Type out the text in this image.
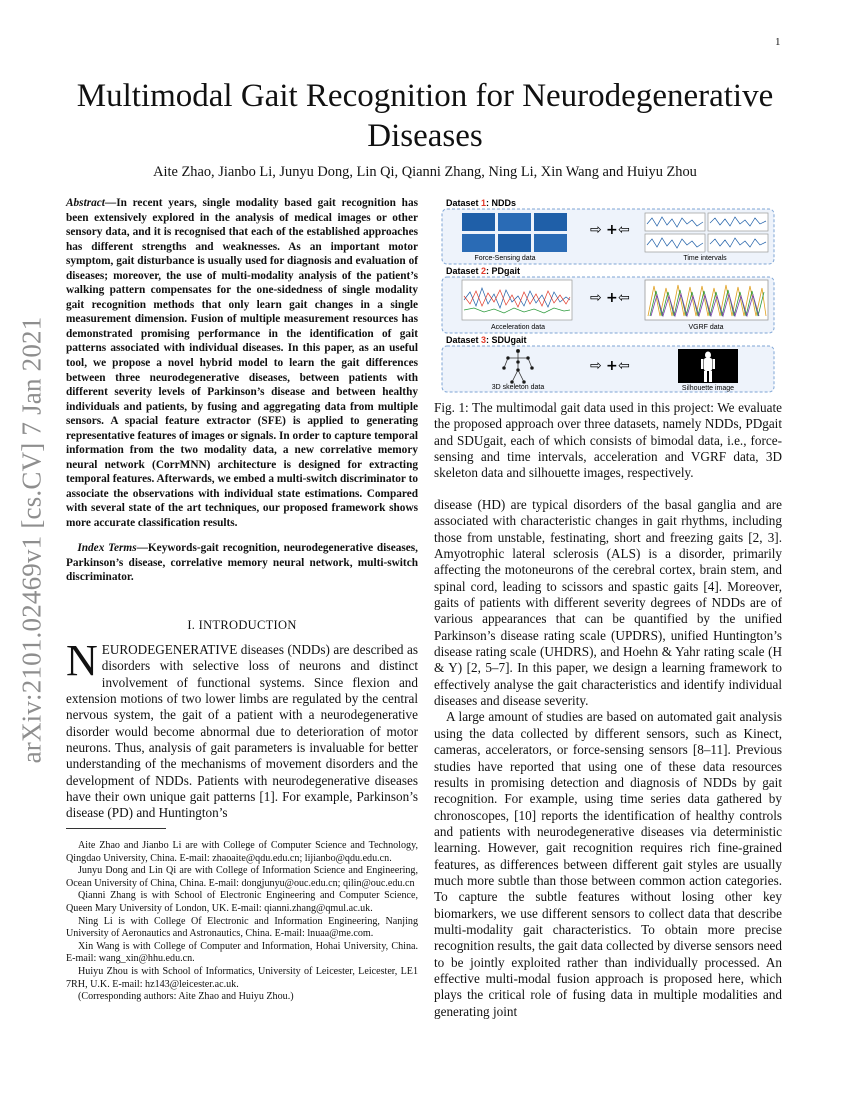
1
arXiv:2101.02469v1 [cs.CV] 7 Jan 2021
Multimodal Gait Recognition for Neurodegenerative Diseases
Aite Zhao, Jianbo Li, Junyu Dong, Lin Qi, Qianni Zhang, Ning Li, Xin Wang and Huiyu Zhou
Abstract—In recent years, single modality based gait recognition has been extensively explored in the analysis of medical images or other sensory data, and it is recognised that each of the established approaches has different strengths and weaknesses. As an important motor symptom, gait disturbance is usually used for diagnosis and evaluation of diseases; moreover, the use of multi-modality analysis of the patient’s walking pattern compensates for the one-sidedness of single modality gait recognition methods that only learn gait changes in a single measurement dimension. Fusion of multiple measurement resources has demonstrated promising performance in the identification of gait patterns associated with individual diseases. In this paper, as an useful tool, we propose a novel hybrid model to learn the gait differences between three neurodegenerative diseases, between patients with different severity levels of Parkinson’s disease and between healthy individuals and patients, by fusing and aggregating data from multiple sensors. A spacial feature extractor (SFE) is applied to generating representative features of images or signals. In order to capture temporal information from the two modality data, a new correlative memory neural network (CorrMNN) architecture is designed for extracting temporal features. Afterwards, we embed a multi-switch discriminator to associate the observations with individual state estimations. Compared with several state of the art techniques, our proposed framework shows more accurate classification results.
Index Terms—Keywords-gait recognition, neurodegenerative diseases, Parkinson’s disease, correlative memory neural network, multi-switch discriminator.
I. INTRODUCTION
NEURODEGENERATIVE diseases (NDDs) are described as disorders with selective loss of neurons and distinct involvement of functional systems. Since flexion and extension motions of two lower limbs are regulated by the central nervous system, the gait of a patient with a neurodegenerative disorder would become abnormal due to deterioration of motor neurons. Thus, analysis of gait parameters is invaluable for better understanding of the mechanisms of movement disorders and the development of NDDs. Patients with neurodegenerative diseases have their own unique gait patterns [1]. For example, Parkinson’s disease (PD) and Huntington’s

Aite Zhao and Jianbo Li are with College of Computer Science and Technology, Qingdao University, China. E-mail: zhaoaite@qdu.edu.cn; lijianbo@qdu.edu.cn.

Junyu Dong and Lin Qi are with College of Information Science and Engineering, Ocean University of China, China. E-mail: dongjunyu@ouc.edu.cn; qilin@ouc.edu.cn

Qianni Zhang is with School of Electronic Engineering and Computer Science, Queen Mary University of London, UK. E-mail: qianni.zhang@qmul.ac.uk.

Ning Li is with College Of Electronic and Information Engineering, Nanjing University of Aeronautics and Astronautics, China. E-mail: lnuaa@me.com.

Xin Wang is with College of Computer and Information, Hohai University, China. E-mail: wang_xin@hhu.edu.cn.

Huiyu Zhou is with School of Informatics, University of Leicester, Leicester, LE1 7RH, U.K. E-mail: hz143@leicester.ac.uk.

(Corresponding authors: Aite Zhao and Huiyu Zhou.)

Dataset 1: NDDs
Force-Sensing data
⇨ + ⇦
Time intervals
Dataset 2: PDgait
Acceleration data
⇨ + ⇦
VGRF data
Dataset 3: SDUgait
3D skeleton data
⇨ + ⇦
Silhouette image
Fig. 1: The multimodal gait data used in this project: We evaluate the proposed approach over three datasets, namely NDDs, PDgait and SDUgait, each of which consists of bimodal data, i.e., force-sensing and time intervals, acceleration and VGRF data, 3D skeleton data and silhouette images, respectively.

disease (HD) are typical disorders of the basal ganglia and are associated with characteristic changes in gait rhythms, including those from unstable, festinating, short and freezing gaits [2, 3]. Amyotrophic lateral sclerosis (ALS) is a disorder, primarily affecting the motoneurons of the cerebral cortex, brain stem, and spinal cord, leading to scissors and spastic gaits [4]. Moreover, gaits of patients with different severity degrees of NDDs are of various appearances that can be quantified by the unified Parkinson’s disease rating scale (UPDRS), unified Huntington’s disease rating scale (UHDRS), and Hoehn & Yahr rating scale (H & Y) [2, 5–7]. In this paper, we design a learning framework to effectively analyse the gait characteristics and identify individual diseases and disease severity.

A large amount of studies are based on automated gait analysis using the data collected by different sensors, such as Kinect, cameras, accelerators, or force-sensing sensors [8–11]. Previous studies have reported that using one of these data resources results in promising detection and diagnosis of NDDs by gait recognition. For example, using time series data gathered by chronoscopes, [10] reports the identification of healthy controls and patients with neurodegenerative diseases via deterministic learning. However, gait recognition requires rich fine-grained features, as differences between different gait styles are usually much more subtle than those between common action categories. To capture the subtle features without losing other key biomarkers, we use different sensors to collect data that describe multi-modality gait characteristics. To obtain more precise recognition results, the gait data collected by diverse sensors need to be jointly exploited rather than individually processed. An effective multi-modal fusion approach is proposed here, which plays the critical role of fusing data in multiple modalities and generating joint
